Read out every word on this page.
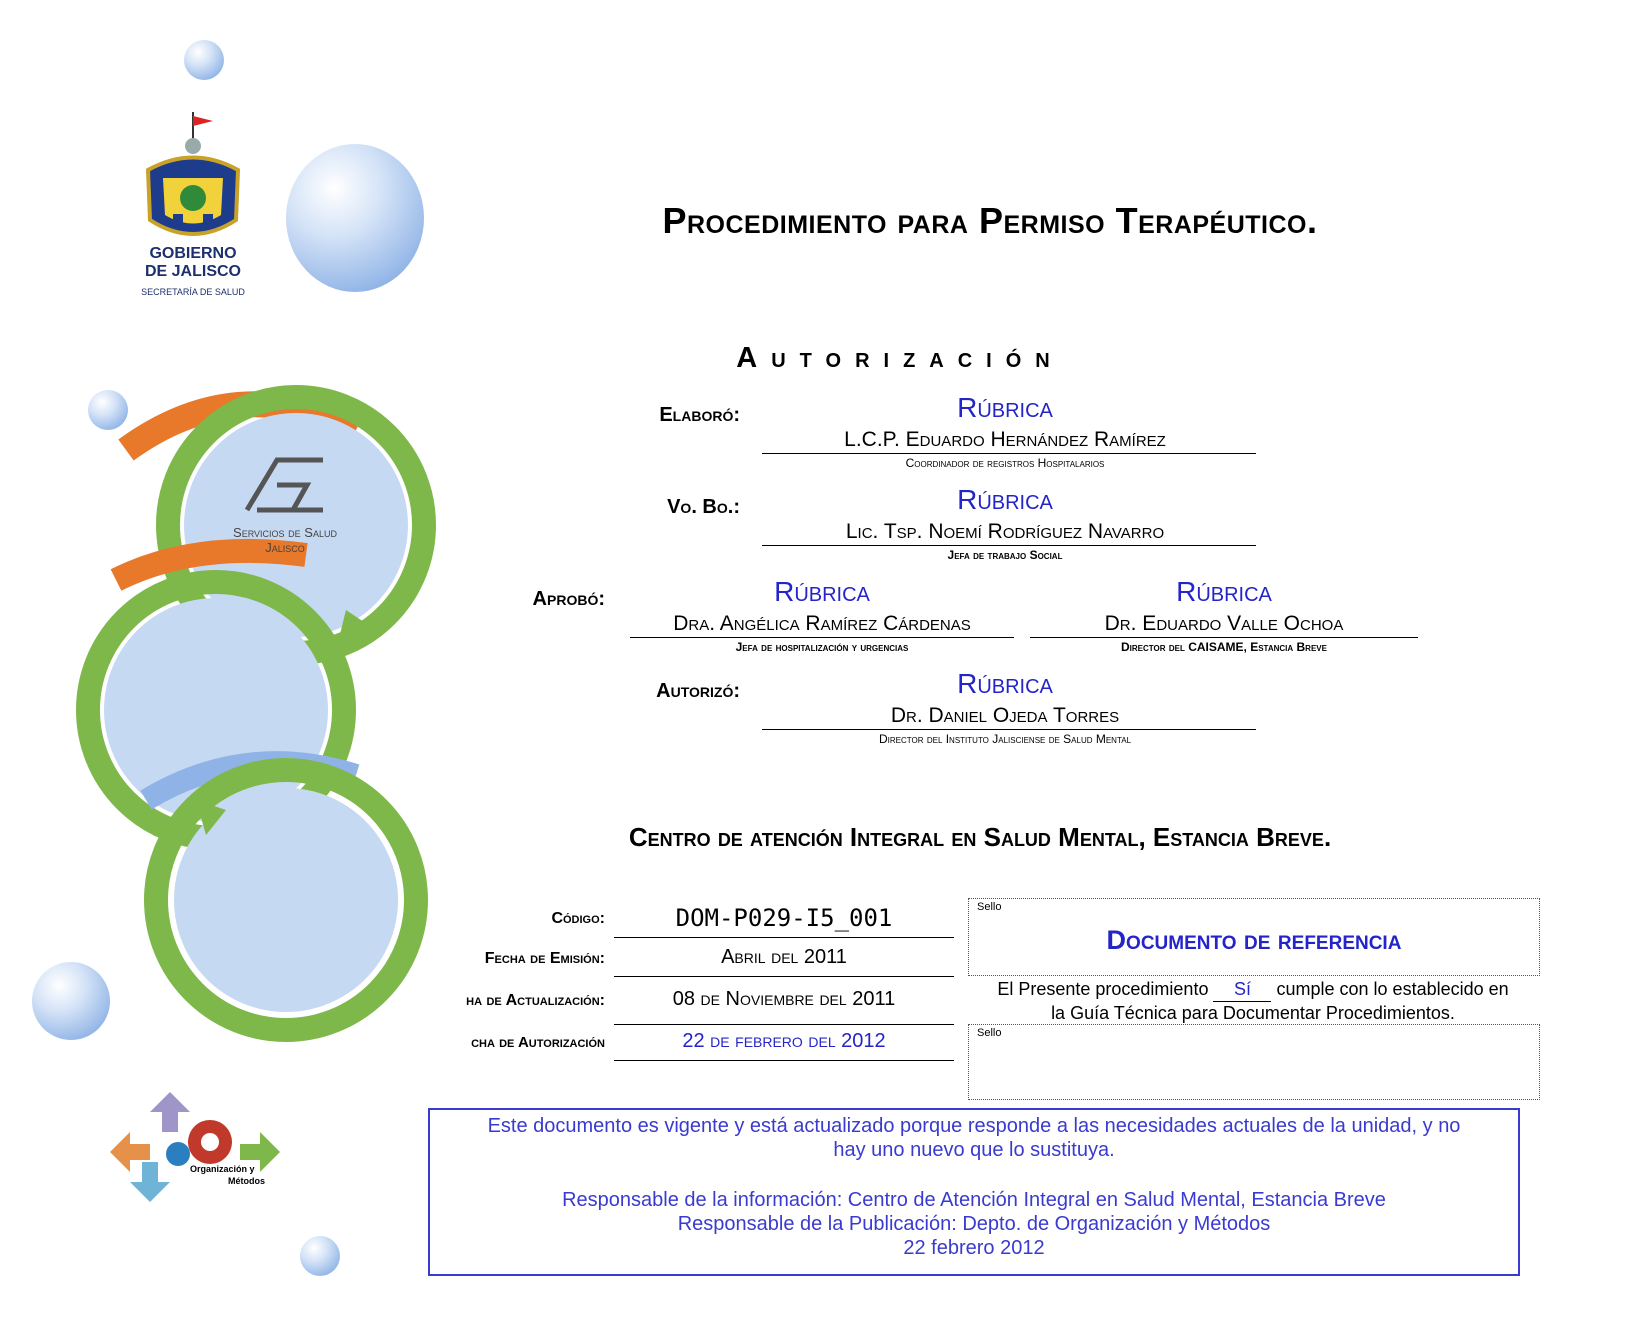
GOBIERNO
DE JALISCO
SECRETARÍA DE SALUD
Servicios de Salud
Jalisco
Organización y
Métodos
Procedimiento para Permiso Terapéutico.
Autorización
Elaboró:	Rúbrica
L.C.P. Eduardo Hernández Ramírez
Coordinador de registros Hospitalarios
Vo. Bo.:	Rúbrica
Lic. Tsp. Noemí Rodríguez Navarro
Jefa de trabajo Social
Aprobó:	Rúbrica
Dra. Angélica Ramírez Cárdenas
Jefa de hospitalización y urgencias
Rúbrica
Dr. Eduardo Valle Ochoa
Director del CAISAME, Estancia Breve
Autorizó:	Rúbrica
Dr. Daniel Ojeda Torres
Director del Instituto Jalisciense de Salud Mental
Centro de atención Integral en Salud Mental, Estancia Breve.
Código:	DOM-P029-I5_001
Fecha de Emisión:	Abril del 2011
ha de Actualización:	08 de Noviembre del 2011
cha de Autorización	22 de febrero del 2012
Sello
Documento de referencia
El Presente procedimiento Sí cumple con lo establecido en
la Guía Técnica para Documentar Procedimientos.
Sello
Este documento es vigente y está actualizado porque responde a las necesidades actuales de la unidad, y no
hay uno nuevo que lo sustituya.
Responsable de la información: Centro de Atención Integral en Salud Mental, Estancia Breve
Responsable de la Publicación: Depto. de Organización y Métodos
22 febrero 2012
